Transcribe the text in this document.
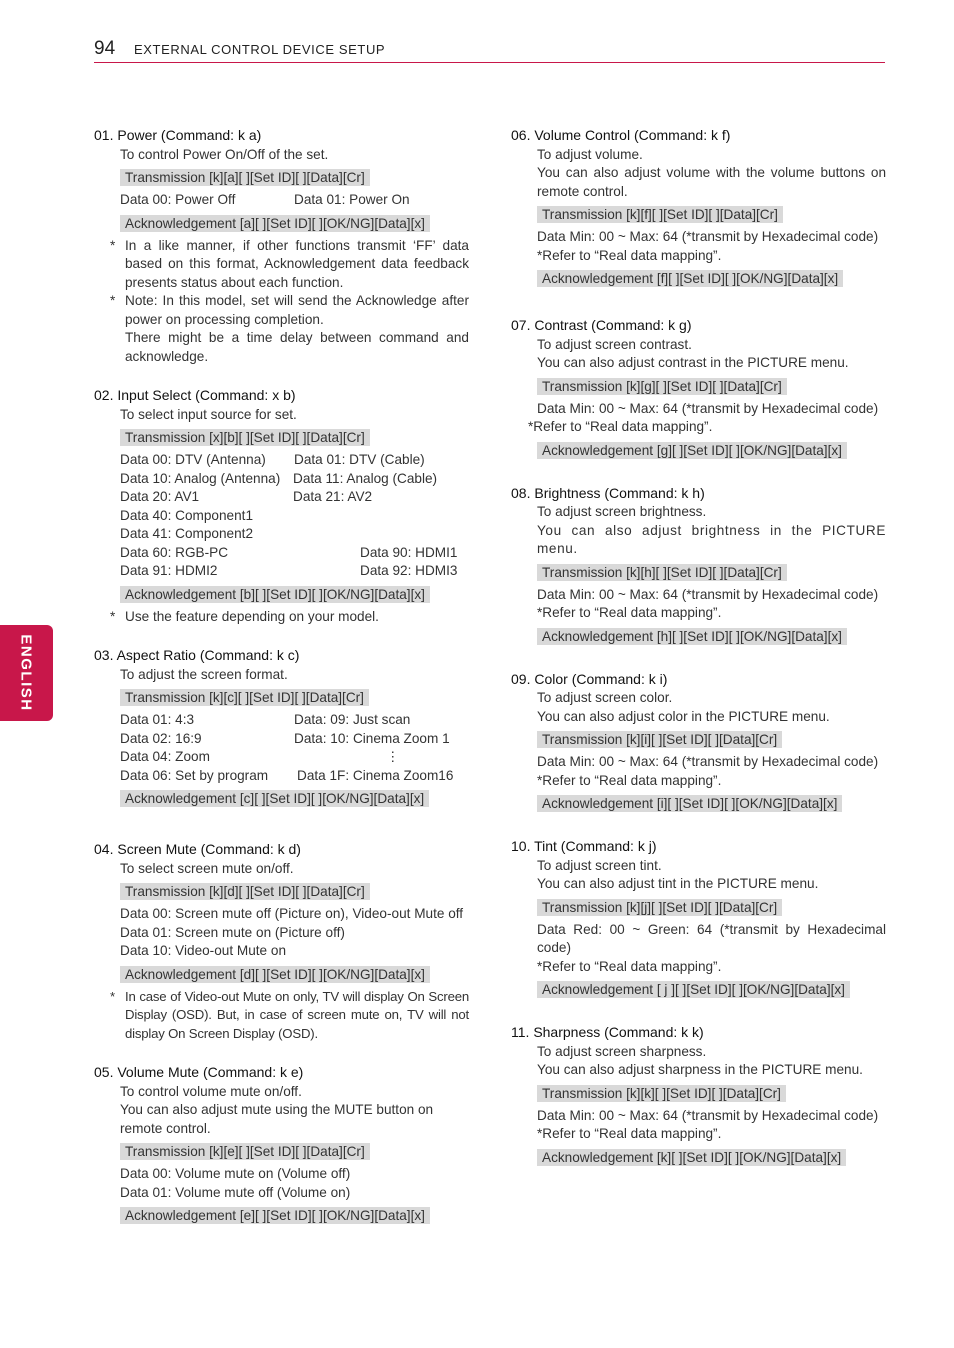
94 EXTERNAL CONTROL DEVICE SETUP
ENGLISH

01. Power (Command: k a)

To control Power On/Off of the set.

Transmission [k][a][ ][Set ID][ ][Data][Cr]
Data 00: Power Off	Data 01: Power On
Acknowledgement [a][ ][Set ID][ ][OK/NG][Data][x]
* In a like manner, if other functions transmit ‘FF’ data based on this format, Acknowledgement data feedback presents status about each function.
* Note: In this model, set will send the Acknowledge after power on processing completion.

There might be a time delay between command and acknowledge.

02. Input Select (Command: x b)

To select input source for set.

Transmission [x][b][ ][Set ID][ ][Data][Cr]
Data 00: DTV (Antenna)	Data 01: DTV (Cable)
Data 10: Analog (Antenna) Data 11: Analog (Cable)
Data 20: AV1	Data 21: AV2

Data 40: Component1

Data 41: Component2

Data 60: RGB-PC	Data 90: HDMI1
Data 91: HDMI2	Data 92: HDMI3
Acknowledgement [b][ ][Set ID][ ][OK/NG][Data][x]
* Use the feature depending on your model.

03. Aspect Ratio (Command: k c)

To adjust the screen format.

Transmission [k][c][ ][Set ID][ ][Data][Cr]
Data 01: 4:3	Data: 09: Just scan
Data 02: 16:9	Data: 10: Cinema Zoom 1
Data 04: Zoom	⋮
Data 06: Set by program	Data 1F: Cinema Zoom16
Acknowledgement [c][ ][Set ID][ ][OK/NG][Data][x]

04. Screen Mute (Command: k d)

To select screen mute on/off.

Transmission [k][d][ ][Set ID][ ][Data][Cr]

Data 00: Screen mute off (Picture on), Video-out Mute off

Data 01: Screen mute on (Picture off)

Data 10: Video-out Mute on

Acknowledgement [d][ ][Set ID][ ][OK/NG][Data][x]
* In case of Video-out Mute on only, TV will display On Screen Display (OSD). But, in case of screen mute on, TV will not display On Screen Display (OSD).

05. Volume Mute (Command: k e)

To control volume mute on/off.

You can also adjust mute using the MUTE button on remote control.

Transmission [k][e][ ][Set ID][ ][Data][Cr]

Data 00: Volume mute on (Volume off)

Data 01: Volume mute off (Volume on)

Acknowledgement [e][ ][Set ID][ ][OK/NG][Data][x]

06. Volume Control (Command: k f)

To adjust volume.

You can also adjust volume with the volume buttons on remote control.

Transmission [k][f][ ][Set ID][ ][Data][Cr]

Data Min: 00 ~ Max: 64 (*transmit by Hexadecimal code)

*Refer to “Real data mapping”.

Acknowledgement [f][ ][Set ID][ ][OK/NG][Data][x]

07. Contrast (Command: k g)

To adjust screen contrast.

You can also adjust contrast in the PICTURE menu.

Transmission [k][g][ ][Set ID][ ][Data][Cr]

Data Min: 00 ~ Max: 64 (*transmit by Hexadecimal code)

*Refer to “Real data mapping”.

Acknowledgement [g][ ][Set ID][ ][OK/NG][Data][x]

08. Brightness (Command: k h)

To adjust screen brightness.

You can also adjust brightness in the PICTURE menu.

Transmission [k][h][ ][Set ID][ ][Data][Cr]

Data Min: 00 ~ Max: 64 (*transmit by Hexadecimal code)

*Refer to “Real data mapping”.

Acknowledgement [h][ ][Set ID][ ][OK/NG][Data][x]

09. Color (Command: k i)

To adjust screen color.

You can also adjust color in the PICTURE menu.

Transmission [k][i][ ][Set ID][ ][Data][Cr]

Data Min: 00 ~ Max: 64 (*transmit by Hexadecimal code)

*Refer to “Real data mapping”.

Acknowledgement [i][ ][Set ID][ ][OK/NG][Data][x]

10. Tint (Command: k j)

To adjust screen tint.

You can also adjust tint in the PICTURE menu.

Transmission [k][j][ ][Set ID][ ][Data][Cr]

Data Red: 00 ~ Green: 64 (*transmit by Hexadecimal code)

*Refer to “Real data mapping”.

Acknowledgement [ j ][ ][Set ID][ ][OK/NG][Data][x]

11. Sharpness (Command: k k)

To adjust screen sharpness.

You can also adjust sharpness in the PICTURE menu.

Transmission [k][k][ ][Set ID][ ][Data][Cr]

Data Min: 00 ~ Max: 64 (*transmit by Hexadecimal code)

*Refer to “Real data mapping”.

Acknowledgement [k][ ][Set ID][ ][OK/NG][Data][x]
